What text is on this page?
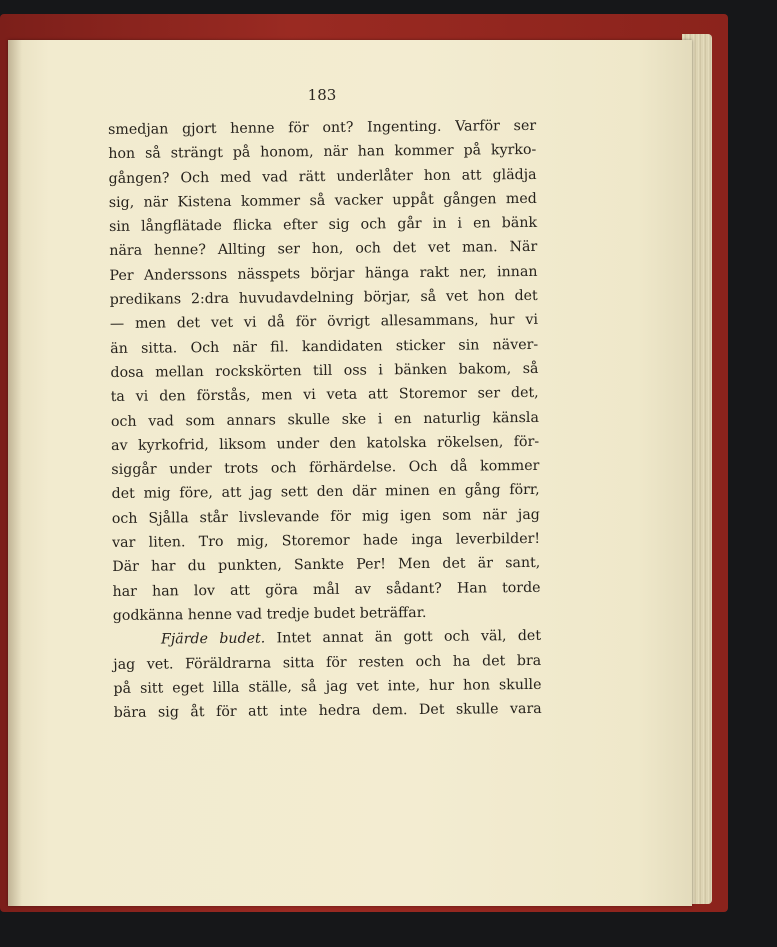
183
smedjan gjort henne för ont? Ingenting. Varför ser
hon så strängt på honom, när han kommer på kyrko-
gången? Och med vad rätt underlåter hon att glädja
sig, när Kistena kommer så vacker uppåt gången med
sin långflätade flicka efter sig och går in i en bänk
nära henne? Allting ser hon, och det vet man. När
Per Anderssons nässpets börjar hänga rakt ner, innan
predikans 2:dra huvudavdelning börjar, så vet hon det
— men det vet vi då för övrigt allesammans, hur vi
än sitta. Och när fil. kandidaten sticker sin näver-
dosa mellan rockskörten till oss i bänken bakom, så
ta vi den förstås, men vi veta att Storemor ser det,
och vad som annars skulle ske i en naturlig känsla
av kyrkofrid, liksom under den katolska rökelsen, för-
siggår under trots och förhärdelse. Och då kommer
det mig före, att jag sett den där minen en gång förr,
och Sjålla står livslevande för mig igen som när jag
var liten. Tro mig, Storemor hade inga leverbilder!
Där har du punkten, Sankte Per! Men det är sant,
har han lov att göra mål av sådant? Han torde
godkänna henne vad tredje budet beträffar.
Fjärde budet. Intet annat än gott och väl, det
jag vet. Föräldrarna sitta för resten och ha det bra
på sitt eget lilla ställe, så jag vet inte, hur hon skulle
bära sig åt för att inte hedra dem. Det skulle vara
